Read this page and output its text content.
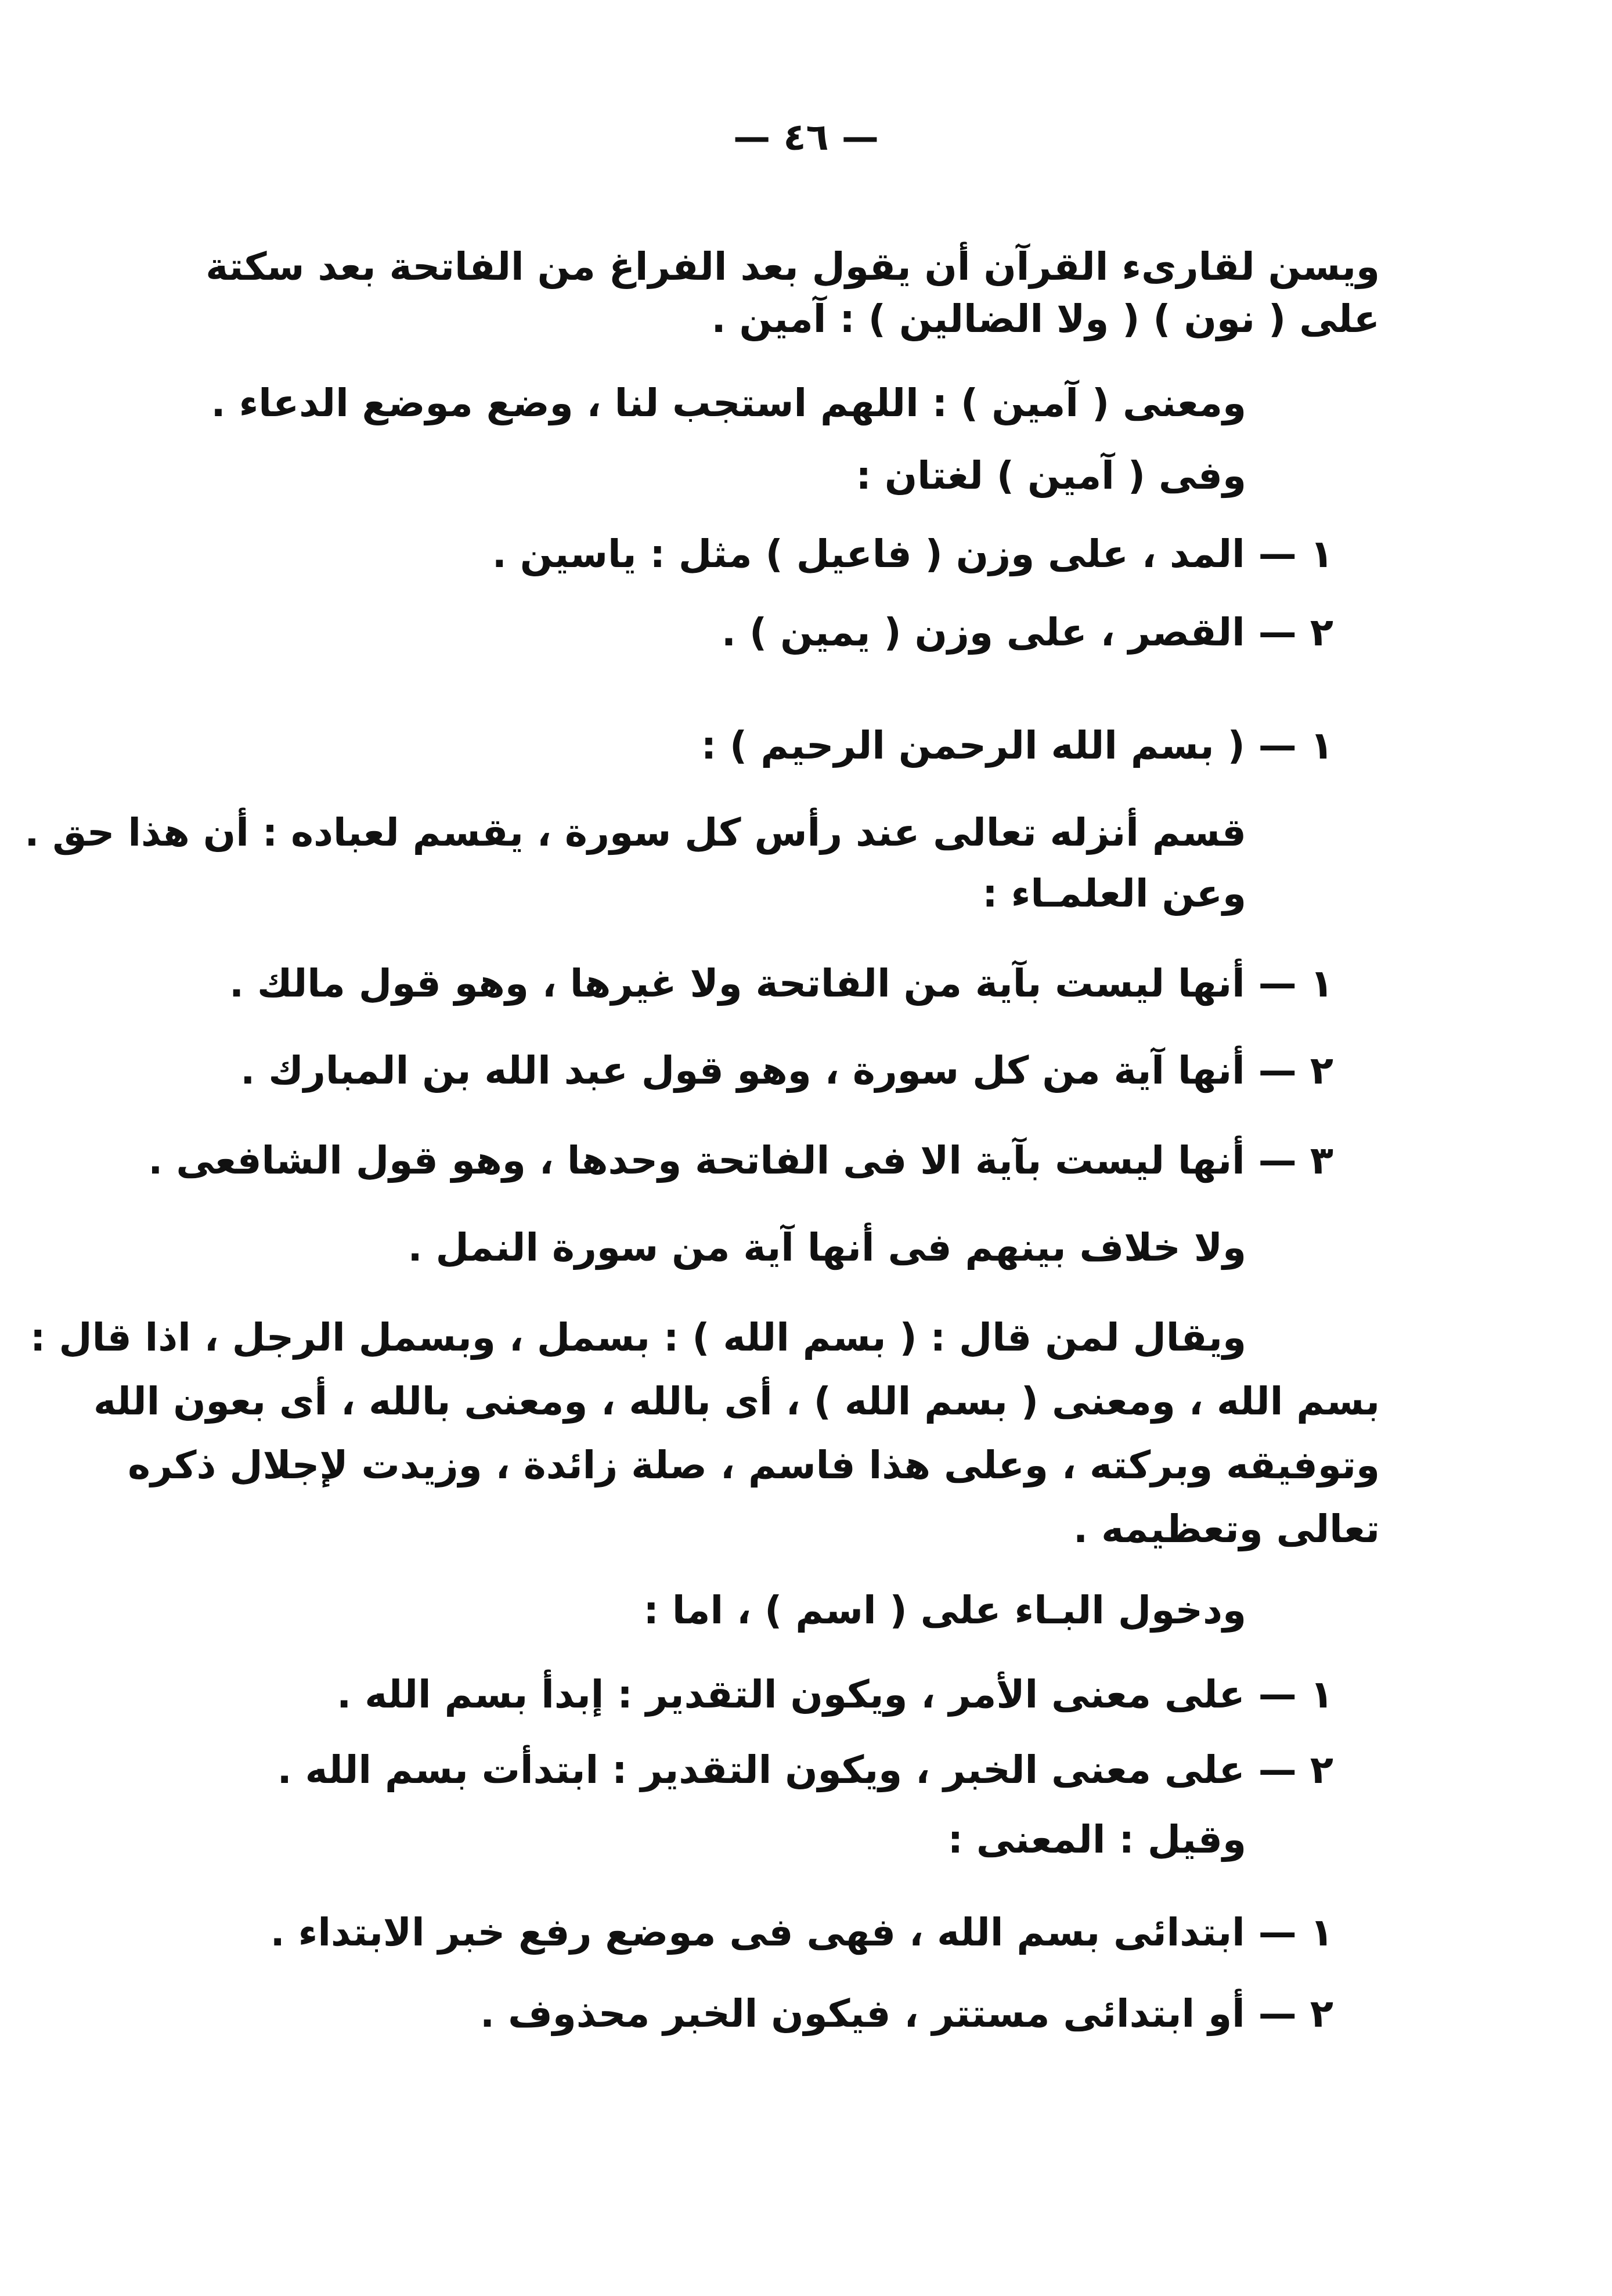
— ٤٦ —
ويسن لقارىء القرآن أن يقول بعد الفراغ من الفاتحة بعد سكتة
على ( نون ) ( ولا الضالين ) : آمين .
ومعنى ( آمين ) : اللهم استجب لنا ، وضع موضع الدعاء .
وفى ( آمين ) لغتان :
١ — المد ، على وزن ( فاعيل ) مثل : ياسين .
٢ — القصر ، على وزن ( يمين ) .
١ — ( بسم الله الرحمن الرحيم ) :
قسم أنزله تعالى عند رأس كل سورة ، يقسم لعباده : أن هذا حق .
وعن العلمـاء :
١ — أنها ليست بآية من الفاتحة ولا غيرها ، وهو قول مالك .
٢ — أنها آية من كل سورة ، وهو قول عبد الله بن المبارك .
٣ — أنها ليست بآية الا فى الفاتحة وحدها ، وهو قول الشافعى .
ولا خلاف بينهم فى أنها آية من سورة النمل .
ويقال لمن قال : ( بسم الله ) : بسمل ، وبسمل الرجل ، اذا قال :
بسم الله ، ومعنى ( بسم الله ) ، أى بالله ، ومعنى بالله ، أى بعون الله
وتوفيقه وبركته ، وعلى هذا فاسم ، صلة زائدة ، وزيدت لإجلال ذكره
تعالى وتعظيمه .
ودخول البـاء على ( اسم ) ، اما :
١ — على معنى الأمر ، ويكون التقدير : إبدأ بسم الله .
٢ — على معنى الخبر ، ويكون التقدير : ابتدأت بسم الله .
وقيل : المعنى :
١ — ابتدائى بسم الله ، فهى فى موضع رفع خبر الابتداء .
٢ — أو ابتدائى مستتر ، فيكون الخبر محذوف .
